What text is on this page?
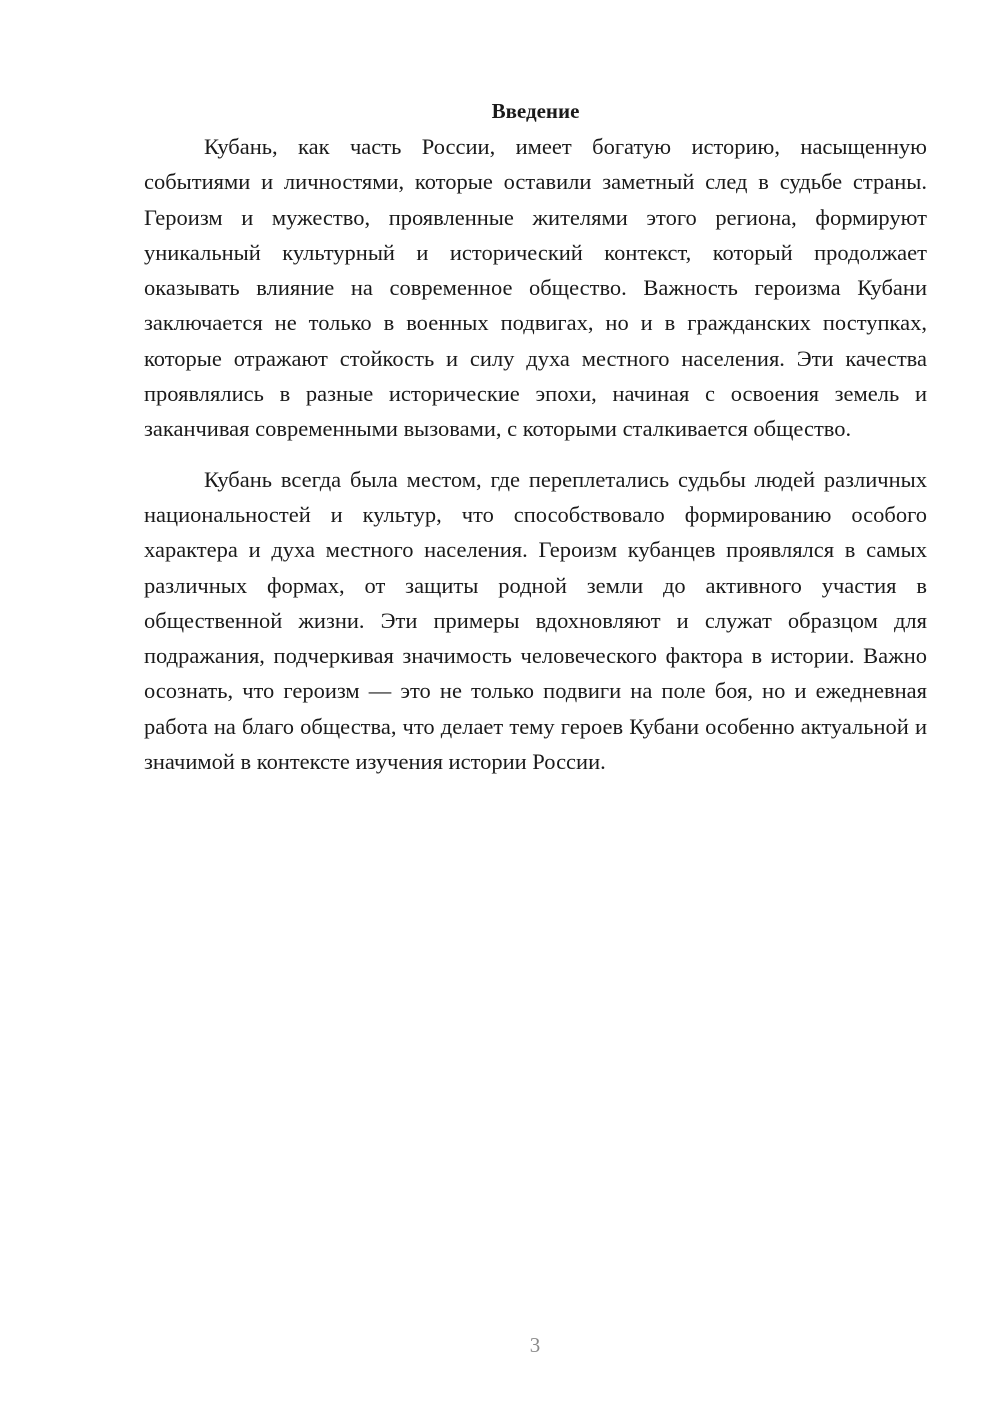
Введение

Кубань, как часть России, имеет богатую историю, насыщенную событиями и личностями, которые оставили заметный след в судьбе страны. Героизм и мужество, проявленные жителями этого региона, формируют уникальный культурный и исторический контекст, который продолжает оказывать влияние на современное общество. Важность героизма Кубани заключается не только в военных подвигах, но и в гражданских поступках, которые отражают стойкость и силу духа местного населения. Эти качества проявлялись в разные исторические эпохи, начиная с освоения земель и заканчивая современными вызовами, с которыми сталкивается общество.

Кубань всегда была местом, где переплетались судьбы людей различных национальностей и культур, что способствовало формированию особого характера и духа местного населения. Героизм кубанцев проявлялся в самых различных формах, от защиты родной земли до активного участия в общественной жизни. Эти примеры вдохновляют и служат образцом для подражания, подчеркивая значимость человеческого фактора в истории. Важно осознать, что героизм — это не только подвиги на поле боя, но и ежедневная работа на благо общества, что делает тему героев Кубани особенно актуальной и значимой в контексте изучения истории России.

3
